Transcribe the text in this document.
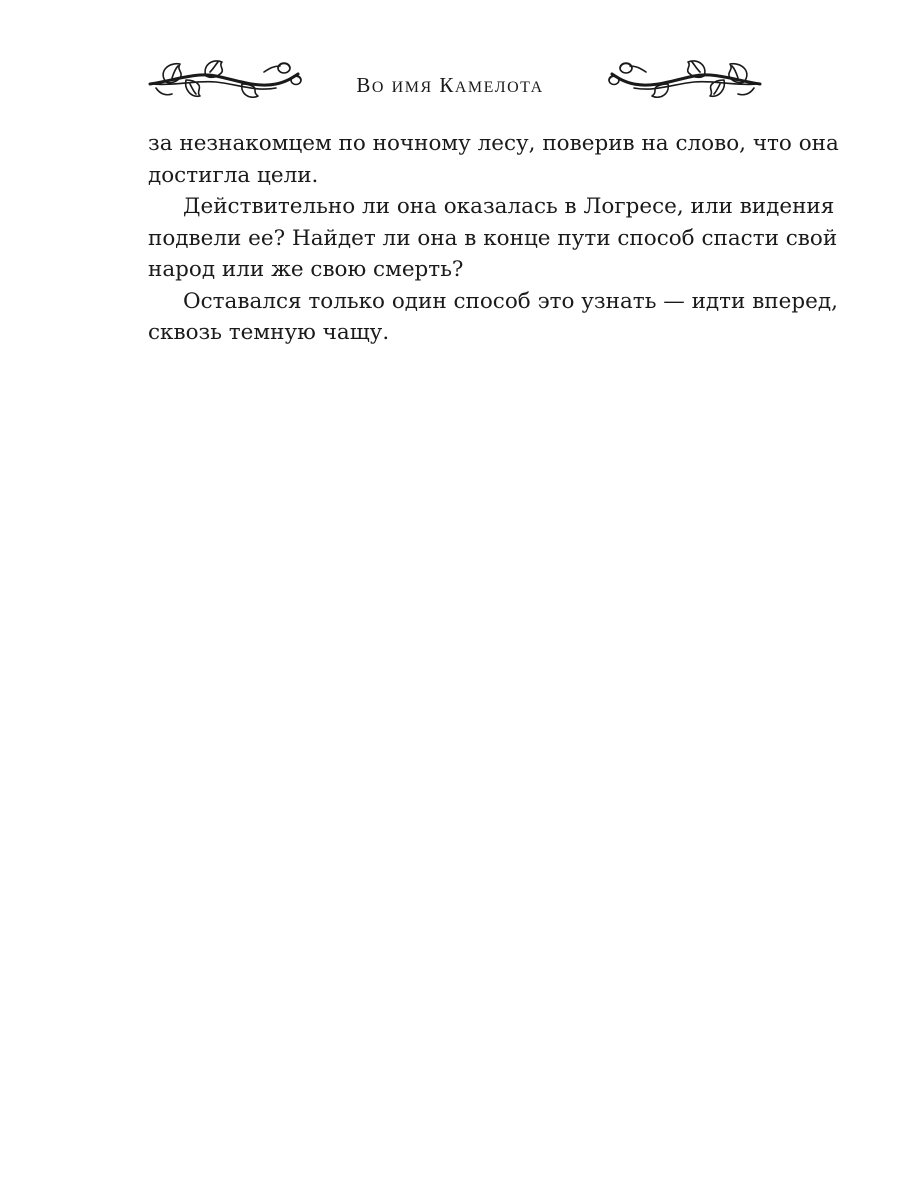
ВО ИМЯ КАМЕЛОТА

за незнакомцем по ночному лесу, поверив на слово, что она
достигла цели.

Действительно ли она оказалась в Логресе, или видения
подвели ее? Найдет ли она в конце пути способ спасти свой
народ или же свою смерть?

Оставался только один способ это узнать — идти вперед,
сквозь темную чащу.
